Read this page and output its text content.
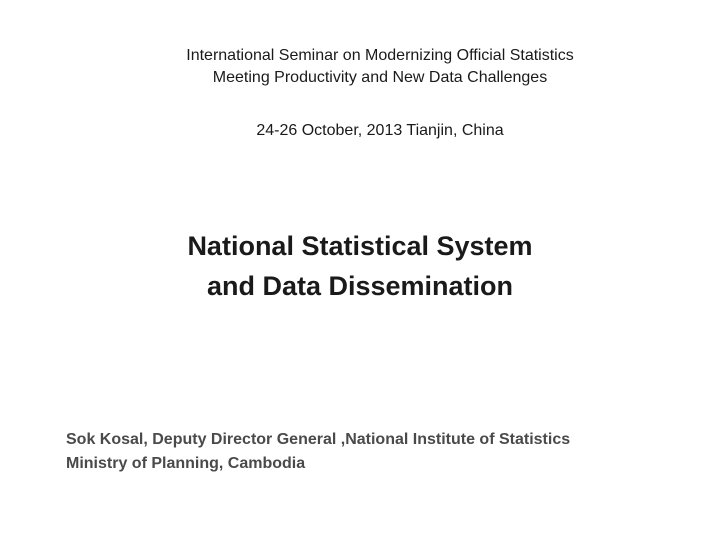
International Seminar on Modernizing Official Statistics
Meeting Productivity and New Data Challenges
24-26 October, 2013 Tianjin, China
National Statistical System
and Data Dissemination
Sok Kosal, Deputy Director General ,National Institute of Statistics
Ministry of Planning, Cambodia
